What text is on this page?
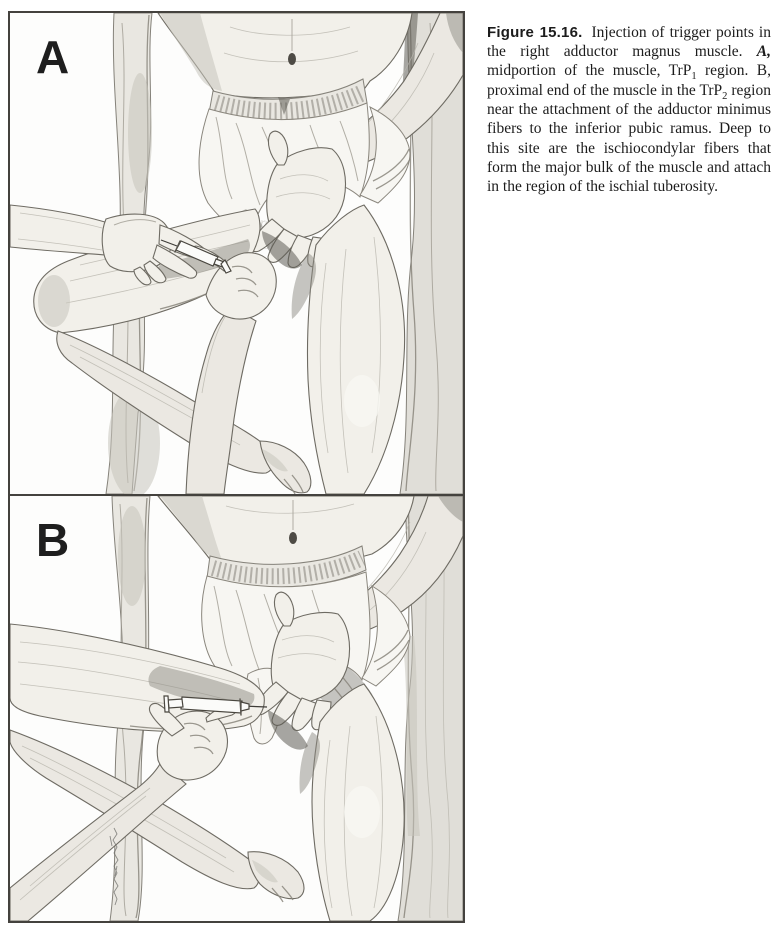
A
B

Figure 15.16. Injection of trigger points in the right adductor magnus muscle. A, midportion of the muscle, TrP$_1$ region. B, proximal end of the muscle in the TrP$_2$ region near the attachment of the adductor minimus fibers to the inferior pubic ramus. Deep to this site are the ischiocondylar fibers that form the major bulk of the muscle and attach in the region of the ischial tuberosity.
